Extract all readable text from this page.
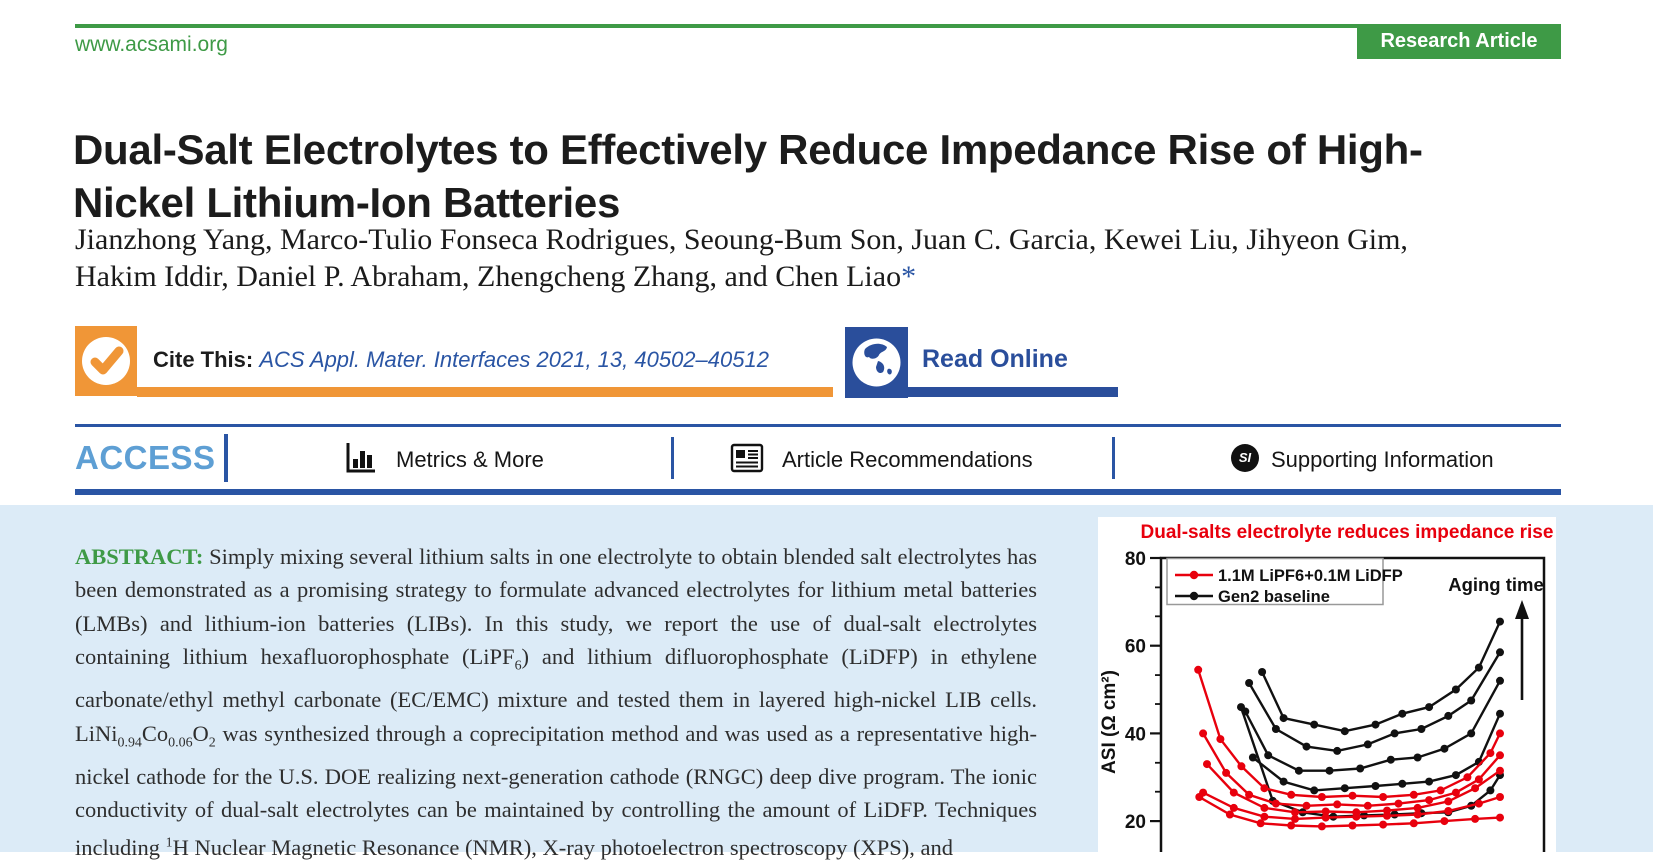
Research Article
www.acsami.org
Dual-Salt Electrolytes to Effectively Reduce Impedance Rise of High-Nickel Lithium-Ion Batteries
Jianzhong Yang, Marco-Tulio Fonseca Rodrigues, Seoung-Bum Son, Juan C. Garcia, Kewei Liu, Jihyeon Gim, Hakim Iddir, Daniel P. Abraham, Zhengcheng Zhang, and Chen Liao*
Cite This: ACS Appl. Mater. Interfaces 2021, 13, 40502–40512	Read Online
ACCESS	Metrics & More	Article Recommendations	SI Supporting Information

ABSTRACT: Simply mixing several lithium salts in one electrolyte to obtain blended salt electrolytes has been demonstrated as a promising strategy to formulate advanced electrolytes for lithium metal batteries (LMBs) and lithium-ion batteries (LIBs). In this study, we report the use of dual-salt electrolytes containing lithium hexafluorophosphate (LiPF$_6$) and lithium difluorophosphate (LiDFP) in ethylene carbonate/ethyl methyl carbonate (EC/EMC) mixture and tested them in layered high-nickel LIB cells. $LiNi_{0.94}Co_{0.06}O_2$ was synthesized through a coprecipitation method and was used as a representative high-nickel cathode for the U.S. DOE realizing next-generation cathode (RNGC) deep dive program. The ionic conductivity of dual-salt electrolytes can be maintained by controlling the amount of LiDFP. Techniques including $^1$H Nuclear Magnetic Resonance (NMR), X-ray photoelectron spectroscopy (XPS), and

Dual-salts electrolyte reduces impedance rise
80
60
40
20
ASI (Ω cm²)
1.1M LiPF6+0.1M LiDFP
Gen2 baseline
Aging time
